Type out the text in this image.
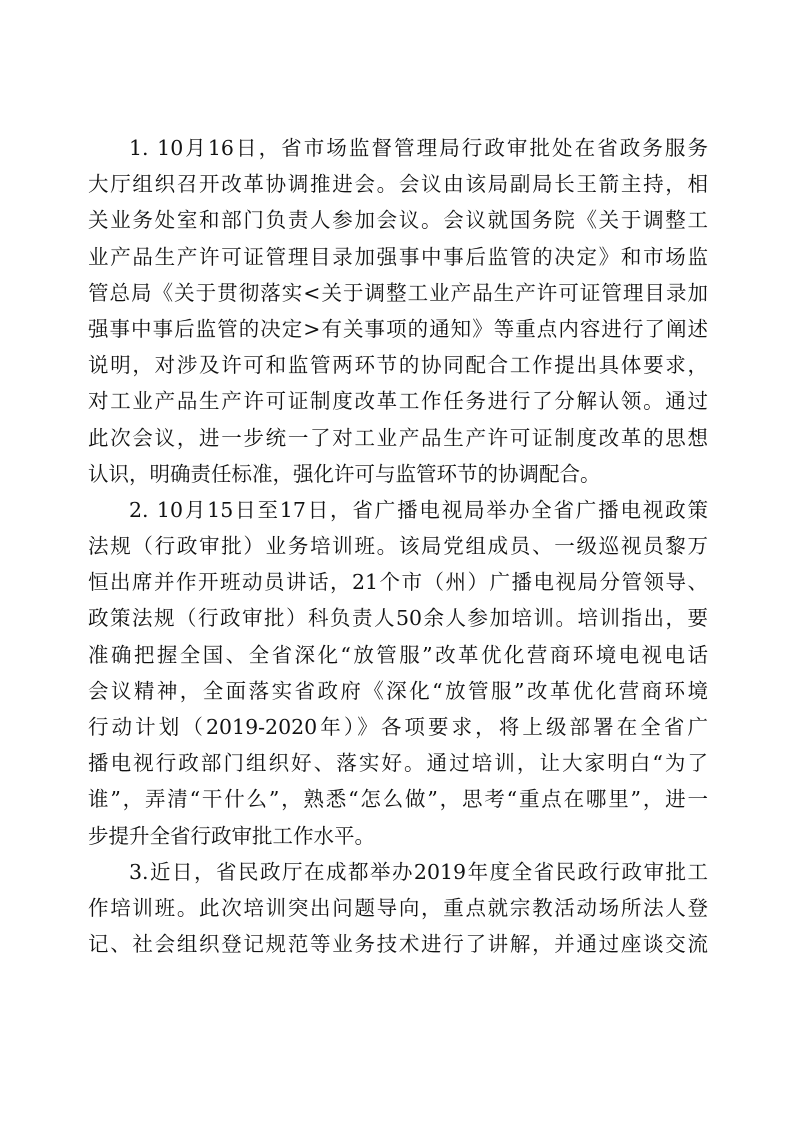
1. 10月16日，省市场监督管理局行政审批处在省政务服务
大厅组织召开改革协调推进会。会议由该局副局长王箭主持，相
关业务处室和部门负责人参加会议。会议就国务院《关于调整工
业产品生产许可证管理目录加强事中事后监管的决定》和市场监
管总局《关于贯彻落实<关于调整工业产品生产许可证管理目录加
强事中事后监管的决定>有关事项的通知》等重点内容进行了阐述
说明，对涉及许可和监管两环节的协同配合工作提出具体要求，
对工业产品生产许可证制度改革工作任务进行了分解认领。通过
此次会议，进一步统一了对工业产品生产许可证制度改革的思想
认识，明确责任标准，强化许可与监管环节的协调配合。
2. 10月15日至17日，省广播电视局举办全省广播电视政策
法规（行政审批）业务培训班。该局党组成员、一级巡视员黎万
恒出席并作开班动员讲话，21个市（州）广播电视局分管领导、
政策法规（行政审批）科负责人50余人参加培训。培训指出，要
准确把握全国、全省深化“放管服”改革优化营商环境电视电话
会议精神，全面落实省政府《深化“放管服”改革优化营商环境
行动计划（2019-2020年）》各项要求，将上级部署在全省广
播电视行政部门组织好、落实好。通过培训，让大家明白“为了
谁”，弄清“干什么”，熟悉“怎么做”，思考“重点在哪里”，进一
步提升全省行政审批工作水平。
3.近日，省民政厅在成都举办2019年度全省民政行政审批工
作培训班。此次培训突出问题导向，重点就宗教活动场所法人登
记、社会组织登记规范等业务技术进行了讲解，并通过座谈交流
